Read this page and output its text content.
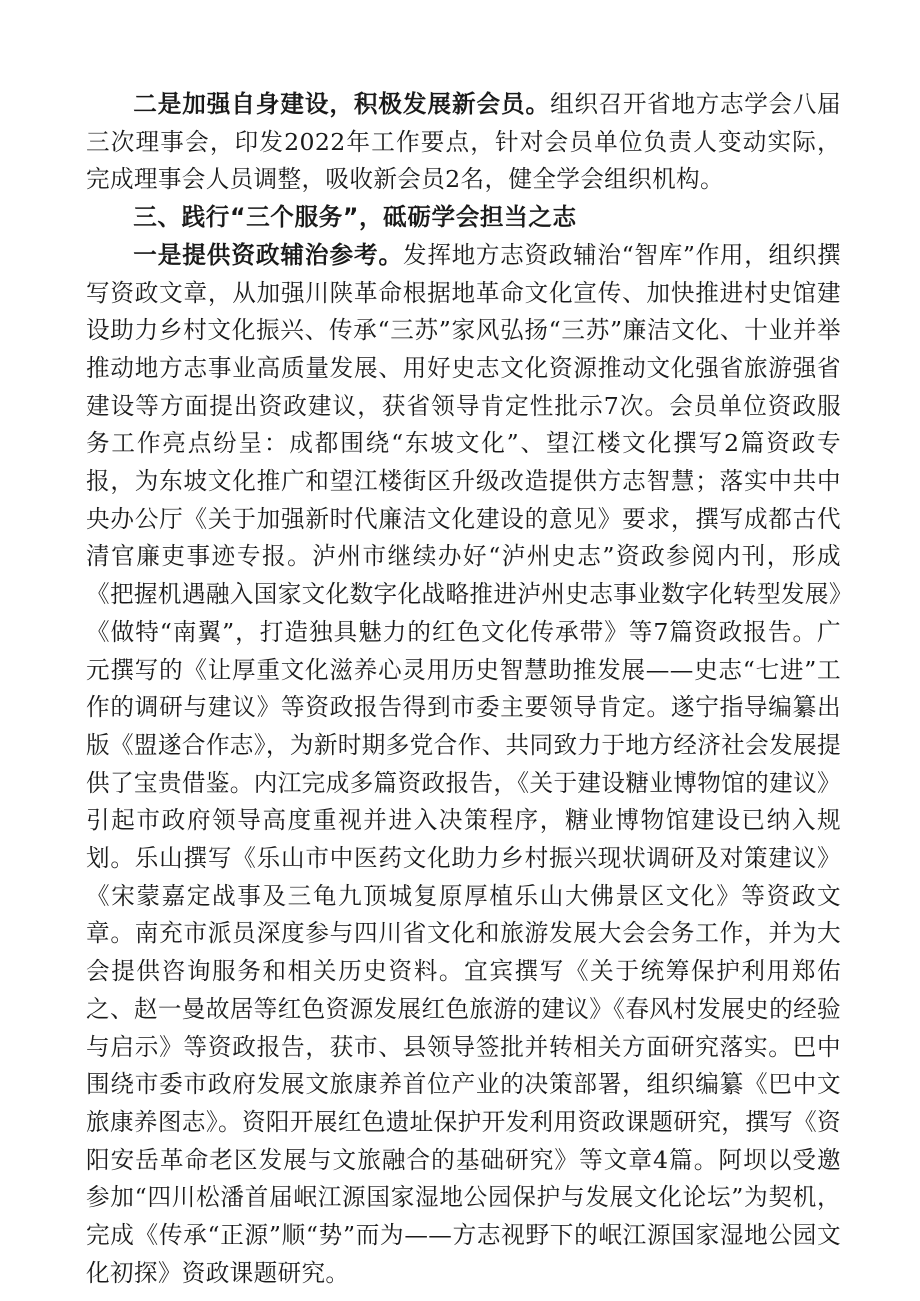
二是加强自身建设，积极发展新会员。组织召开省地方志学会八届三次理事会，印发2022年工作要点，针对会员单位负责人变动实际，完成理事会人员调整，吸收新会员2名，健全学会组织机构。

三、践行“三个服务”，砥砺学会担当之志

一是提供资政辅治参考。发挥地方志资政辅治“智库”作用，组织撰写资政文章，从加强川陕革命根据地革命文化宣传、加快推进村史馆建设助力乡村文化振兴、传承“三苏”家风弘扬“三苏”廉洁文化、十业并举推动地方志事业高质量发展、用好史志文化资源推动文化强省旅游强省建设等方面提出资政建议，获省领导肯定性批示7次。会员单位资政服务工作亮点纷呈：成都围绕“东坡文化”、望江楼文化撰写2篇资政专报，为东坡文化推广和望江楼街区升级改造提供方志智慧；落实中共中央办公厅《关于加强新时代廉洁文化建设的意见》要求，撰写成都古代清官廉吏事迹专报。泸州市继续办好“泸州史志”资政参阅内刊，形成《把握机遇融入国家文化数字化战略推进泸州史志事业数字化转型发展》《做特“南翼”，打造独具魅力的红色文化传承带》等7篇资政报告。广元撰写的《让厚重文化滋养心灵用历史智慧助推发展——史志“七进”工作的调研与建议》等资政报告得到市委主要领导肯定。遂宁指导编纂出版《盟遂合作志》，为新时期多党合作、共同致力于地方经济社会发展提供了宝贵借鉴。内江完成多篇资政报告，《关于建设糖业博物馆的建议》引起市政府领导高度重视并进入决策程序，糖业博物馆建设已纳入规划。乐山撰写《乐山市中医药文化助力乡村振兴现状调研及对策建议》《宋蒙嘉定战事及三龟九顶城复原厚植乐山大佛景区文化》等资政文章。南充市派员深度参与四川省文化和旅游发展大会会务工作，并为大会提供咨询服务和相关历史资料。宜宾撰写《关于统筹保护利用郑佑之、赵一曼故居等红色资源发展红色旅游的建议》《春风村发展史的经验与启示》等资政报告，获市、县领导签批并转相关方面研究落实。巴中围绕市委市政府发展文旅康养首位产业的决策部署，组织编纂《巴中文旅康养图志》。资阳开展红色遗址保护开发利用资政课题研究，撰写《资阳安岳革命老区发展与文旅融合的基础研究》等文章4篇。阿坝以受邀参加“四川松潘首届岷江源国家湿地公园保护与发展文化论坛”为契机，完成《传承“正源”顺“势”而为——方志视野下的岷江源国家湿地公园文化初探》资政课题研究。
